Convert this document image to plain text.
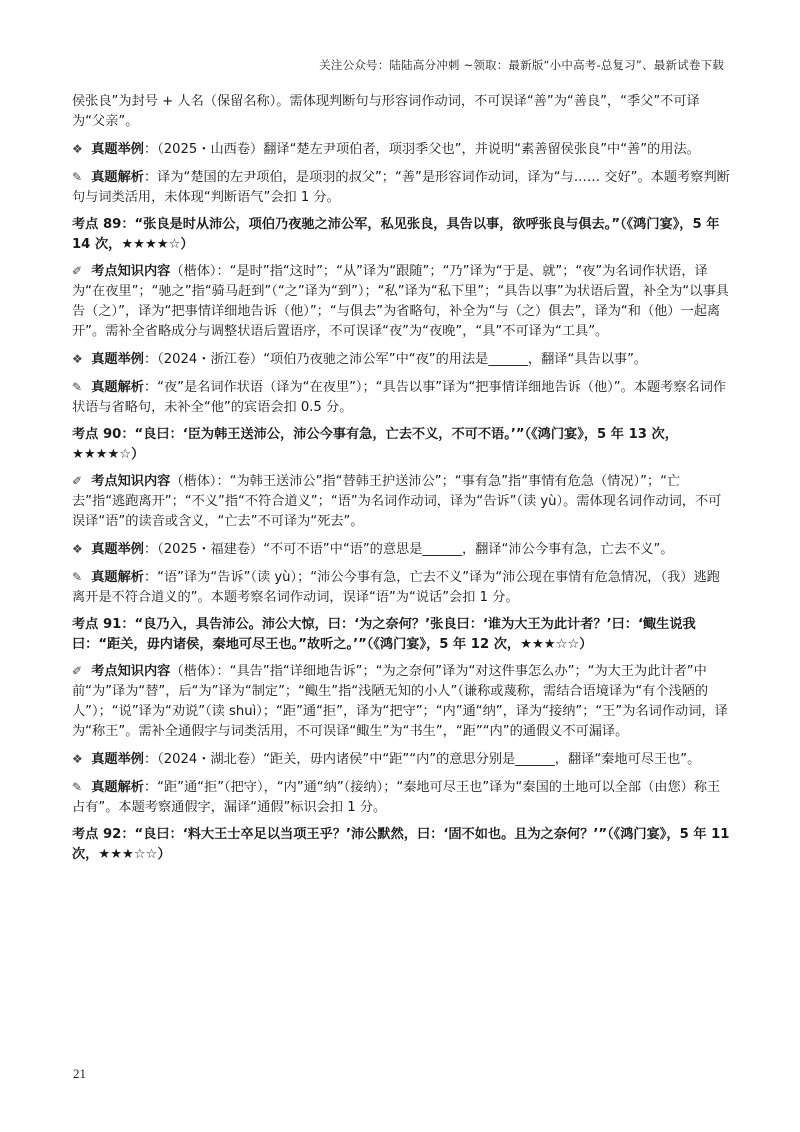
关注公众号：陆陆高分冲刺 ~领取：最新版“小中高考-总复习”、最新试卷下载

侯张良”为封号 + 人名（保留名称）。需体现判断句与形容词作动词，不可误译“善”为“善良”，“季父”不可译为“父亲”。

❖ 真题举例：（2025・山西卷）翻译“楚左尹项伯者，项羽季父也”，并说明“素善留侯张良”中“善”的用法。

✎ 真题解析：译为“楚国的左尹项伯，是项羽的叔父”；“善”是形容词作动词，译为“与…… 交好”。本题考察判断句与词类活用，未体现“判断语气”会扣 1 分。

考点 89：“张良是时从沛公，项伯乃夜驰之沛公军，私见张良，具告以事，欲呼张良与俱去。”（《鸿门宴》，5 年 14 次，★★★★☆）

✐ 考点知识内容（楷体）：“是时”指“这时”；“从”译为“跟随”；“乃”译为“于是、就”；“夜”为名词作状语，译为“在夜里”；“驰之”指“骑马赶到”（“之”译为“到”）；“私”译为“私下里”；“具告以事”为状语后置，补全为“以事具告（之）”，译为“把事情详细地告诉（他）”；“与俱去”为省略句，补全为“与（之）俱去”，译为“和（他）一起离开”。需补全省略成分与调整状语后置语序，不可误译“夜”为“夜晚”，“具”不可译为“工具”。

❖ 真题举例：（2024・浙江卷）“项伯乃夜驰之沛公军”中“夜”的用法是______，翻译“具告以事”。

✎ 真题解析：“夜”是名词作状语（译为“在夜里”）；“具告以事”译为“把事情详细地告诉（他）”。本题考察名词作状语与省略句，未补全“他”的宾语会扣 0.5 分。

考点 90：“良曰：‘臣为韩王送沛公，沛公今事有急，亡去不义，不可不语。’”（《鸿门宴》，5 年 13 次，★★★★☆）

✐ 考点知识内容（楷体）：“为韩王送沛公”指“替韩王护送沛公”；“事有急”指“事情有危急（情况）”；“亡去”指“逃跑离开”；“不义”指“不符合道义”；“语”为名词作动词，译为“告诉”（读 yù）。需体现名词作动词，不可误译“语”的读音或含义，“亡去”不可译为“死去”。

❖ 真题举例：（2025・福建卷）“不可不语”中“语”的意思是______，翻译“沛公今事有急，亡去不义”。

✎ 真题解析：“语”译为“告诉”（读 yù）；“沛公今事有急，亡去不义”译为“沛公现在事情有危急情况，（我）逃跑离开是不符合道义的”。本题考察名词作动词，误译“语”为“说话”会扣 1 分。

考点 91：“良乃入，具告沛公。沛公大惊，曰：‘为之奈何？’张良曰：‘谁为大王为此计者？’曰：‘鲰生说我曰：“距关，毋内诸侯，秦地可尽王也。”故听之。’”（《鸿门宴》，5 年 12 次，★★★☆☆）

✐ 考点知识内容（楷体）：“具告”指“详细地告诉”；“为之奈何”译为“对这件事怎么办”；“为大王为此计者”中前“为”译为“替”，后“为”译为“制定”；“鲰生”指“浅陋无知的小人”（谦称或蔑称，需结合语境译为“有个浅陋的人”）；“说”译为“劝说”（读 shuì）；“距”通“拒”，译为“把守”；“内”通“纳”，译为“接纳”；“王”为名词作动词，译为“称王”。需补全通假字与词类活用，不可误译“鲰生”为“书生”，“距”“内”的通假义不可漏译。

❖ 真题举例：（2024・湖北卷）“距关，毋内诸侯”中“距”“内”的意思分别是______，翻译“秦地可尽王也”。

✎ 真题解析：“距”通“拒”（把守），“内”通“纳”（接纳）；“秦地可尽王也”译为“秦国的土地可以全部（由您）称王占有”。本题考察通假字，漏译“通假”标识会扣 1 分。

考点 92：“良曰：‘料大王士卒足以当项王乎？’沛公默然，曰：‘固不如也。且为之奈何？’”（《鸿门宴》，5 年 11 次，★★★☆☆）

21
